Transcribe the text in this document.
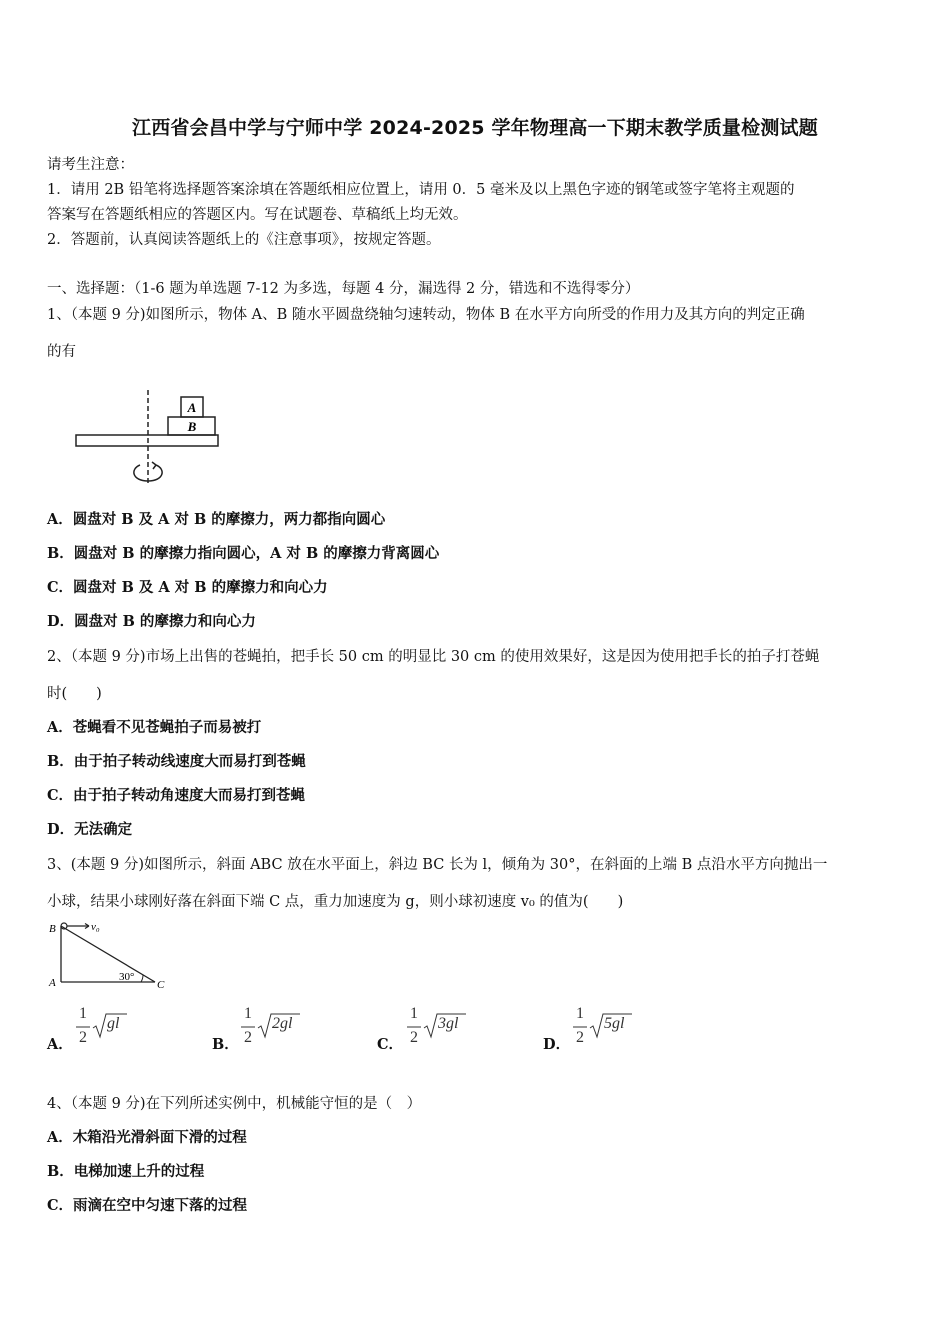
江西省会昌中学与宁师中学 2024-2025 学年物理高一下期末教学质量检测试题
请考生注意：
1．请用 2B 铅笔将选择题答案涂填在答题纸相应位置上，请用 0．5 毫米及以上黑色字迹的钢笔或签字笔将主观题的
答案写在答题纸相应的答题区内。写在试题卷、草稿纸上均无效。
2．答题前，认真阅读答题纸上的《注意事项》，按规定答题。
一、选择题：（1-6 题为单选题 7-12 为多选，每题 4 分，漏选得 2 分，错选和不选得零分）
1、（本题 9 分)如图所示，物体 A、B 随水平圆盘绕轴匀速转动，物体 B 在水平方向所受的作用力及其方向的判定正确
的有
A
B
A．圆盘对 B 及 A 对 B 的摩擦力，两力都指向圆心
B．圆盘对 B 的摩擦力指向圆心，A 对 B 的摩擦力背离圆心
C．圆盘对 B 及 A 对 B 的摩擦力和向心力
D．圆盘对 B 的摩擦力和向心力
2、（本题 9 分)市场上出售的苍蝇拍，把手长 50 cm 的明显比 30 cm 的使用效果好，这是因为使用把手长的拍子打苍蝇
时(　　)
A．苍蝇看不见苍蝇拍子而易被打
B．由于拍子转动线速度大而易打到苍蝇
C．由于拍子转动角速度大而易打到苍蝇
D．无法确定
3、(本题 9 分)如图所示，斜面 ABC 放在水平面上，斜边 BC 长为 l，倾角为 30°，在斜面的上端 B 点沿水平方向抛出一
小球，结果小球刚好落在斜面下端 C 点，重力加速度为 g，则小球初速度 v₀ 的值为(　　)
B
A	C
v₀
30°
A．
1
2
gl
B．
1
2
2gl
C．
1
2
3gl
D．
1
2
5gl
4、（本题 9 分)在下列所述实例中，机械能守恒的是（　）
A．木箱沿光滑斜面下滑的过程
B．电梯加速上升的过程
C．雨滴在空中匀速下落的过程
